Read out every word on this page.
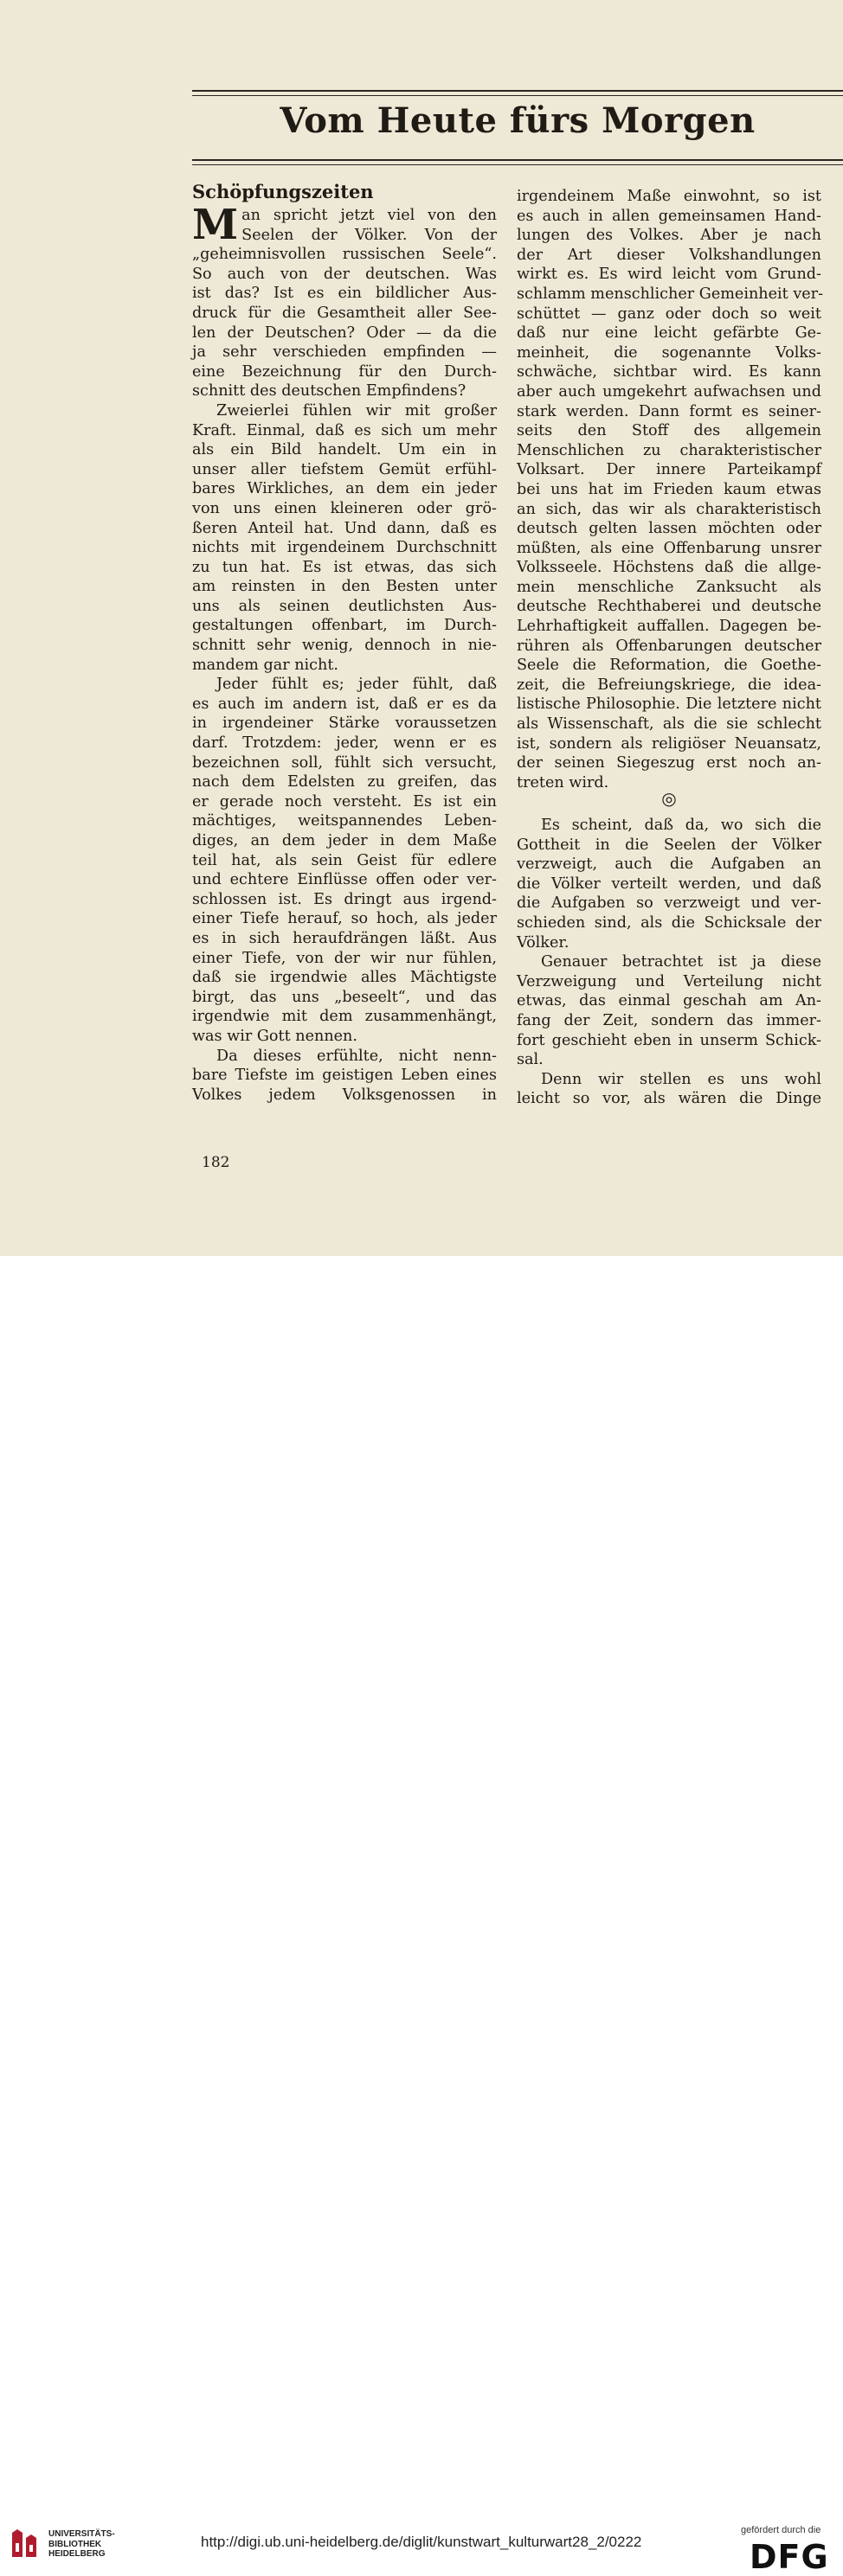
Vom Heute fürs Morgen
Schöpfungszeiten

M an spricht jetzt viel von den
Seelen der Völker. Von der
„geheimnisvollen russischen Seele“.
So auch von der deutschen. Was
ist das? Ist es ein bildlicher Aus-
druck für die Gesamtheit aller See-
len der Deutschen? Oder — da die
ja sehr verschieden empfinden —
eine Bezeichnung für den Durch-
schnitt des deutschen Empfindens?

Zweierlei fühlen wir mit großer
Kraft. Einmal, daß es sich um mehr
als ein Bild handelt. Um ein in
unser aller tiefstem Gemüt erfühl-
bares Wirkliches, an dem ein jeder
von uns einen kleineren oder grö-
ßeren Anteil hat. Und dann, daß es
nichts mit irgendeinem Durchschnitt
zu tun hat. Es ist etwas, das sich
am reinsten in den Besten unter
uns als seinen deutlichsten Aus-
gestaltungen offenbart, im Durch-
schnitt sehr wenig, dennoch in nie-
mandem gar nicht.

Jeder fühlt es; jeder fühlt, daß
es auch im andern ist, daß er es da
in irgendeiner Stärke voraussetzen
darf. Trotzdem: jeder, wenn er es
bezeichnen soll, fühlt sich versucht,
nach dem Edelsten zu greifen, das
er gerade noch versteht. Es ist ein
mächtiges, weitspannendes Leben-
diges, an dem jeder in dem Maße
teil hat, als sein Geist für edlere
und echtere Einflüsse offen oder ver-
schlossen ist. Es dringt aus irgend-
einer Tiefe herauf, so hoch, als jeder
es in sich heraufdrängen läßt. Aus
einer Tiefe, von der wir nur fühlen,
daß sie irgendwie alles Mächtigste
birgt, das uns „beseelt“, und das
irgendwie mit dem zusammenhängt,
was wir Gott nennen.

Da dieses erfühlte, nicht nenn-
bare Tiefste im geistigen Leben eines
Volkes jedem Volksgenossen in

irgendeinem Maße einwohnt, so ist
es auch in allen gemeinsamen Hand-
lungen des Volkes. Aber je nach
der Art dieser Volkshandlungen
wirkt es. Es wird leicht vom Grund-
schlamm menschlicher Gemeinheit ver-
schüttet — ganz oder doch so weit
daß nur eine leicht gefärbte Ge-
meinheit, die sogenannte Volks-
schwäche, sichtbar wird. Es kann
aber auch umgekehrt aufwachsen und
stark werden. Dann formt es seiner-
seits den Stoff des allgemein
Menschlichen zu charakteristischer
Volksart. Der innere Parteikampf
bei uns hat im Frieden kaum etwas
an sich, das wir als charakteristisch
deutsch gelten lassen möchten oder
müßten, als eine Offenbarung unsrer
Volksseele. Höchstens daß die allge-
mein menschliche Zanksucht als
deutsche Rechthaberei und deutsche
Lehrhaftigkeit auffallen. Dagegen be-
rühren als Offenbarungen deutscher
Seele die Reformation, die Goethe-
zeit, die Befreiungskriege, die idea-
listische Philosophie. Die letztere nicht
als Wissenschaft, als die sie schlecht
ist, sondern als religiöser Neuansatz,
der seinen Siegeszug erst noch an-
treten wird.

◎

Es scheint, daß da, wo sich die
Gottheit in die Seelen der Völker
verzweigt, auch die Aufgaben an
die Völker verteilt werden, und daß
die Aufgaben so verzweigt und ver-
schieden sind, als die Schicksale der
Völker.

Genauer betrachtet ist ja diese
Verzweigung und Verteilung nicht
etwas, das einmal geschah am An-
fang der Zeit, sondern das immer-
fort geschieht eben in unserm Schick-
sal.

Denn wir stellen es uns wohl
leicht so vor, als wären die Dinge

182
UNIVERSITÄTS-
BIBLIOTHEK
HEIDELBERG
http://digi.ub.uni-heidelberg.de/diglit/kunstwart_kulturwart28_2/0222
gefördert durch die
DFG
